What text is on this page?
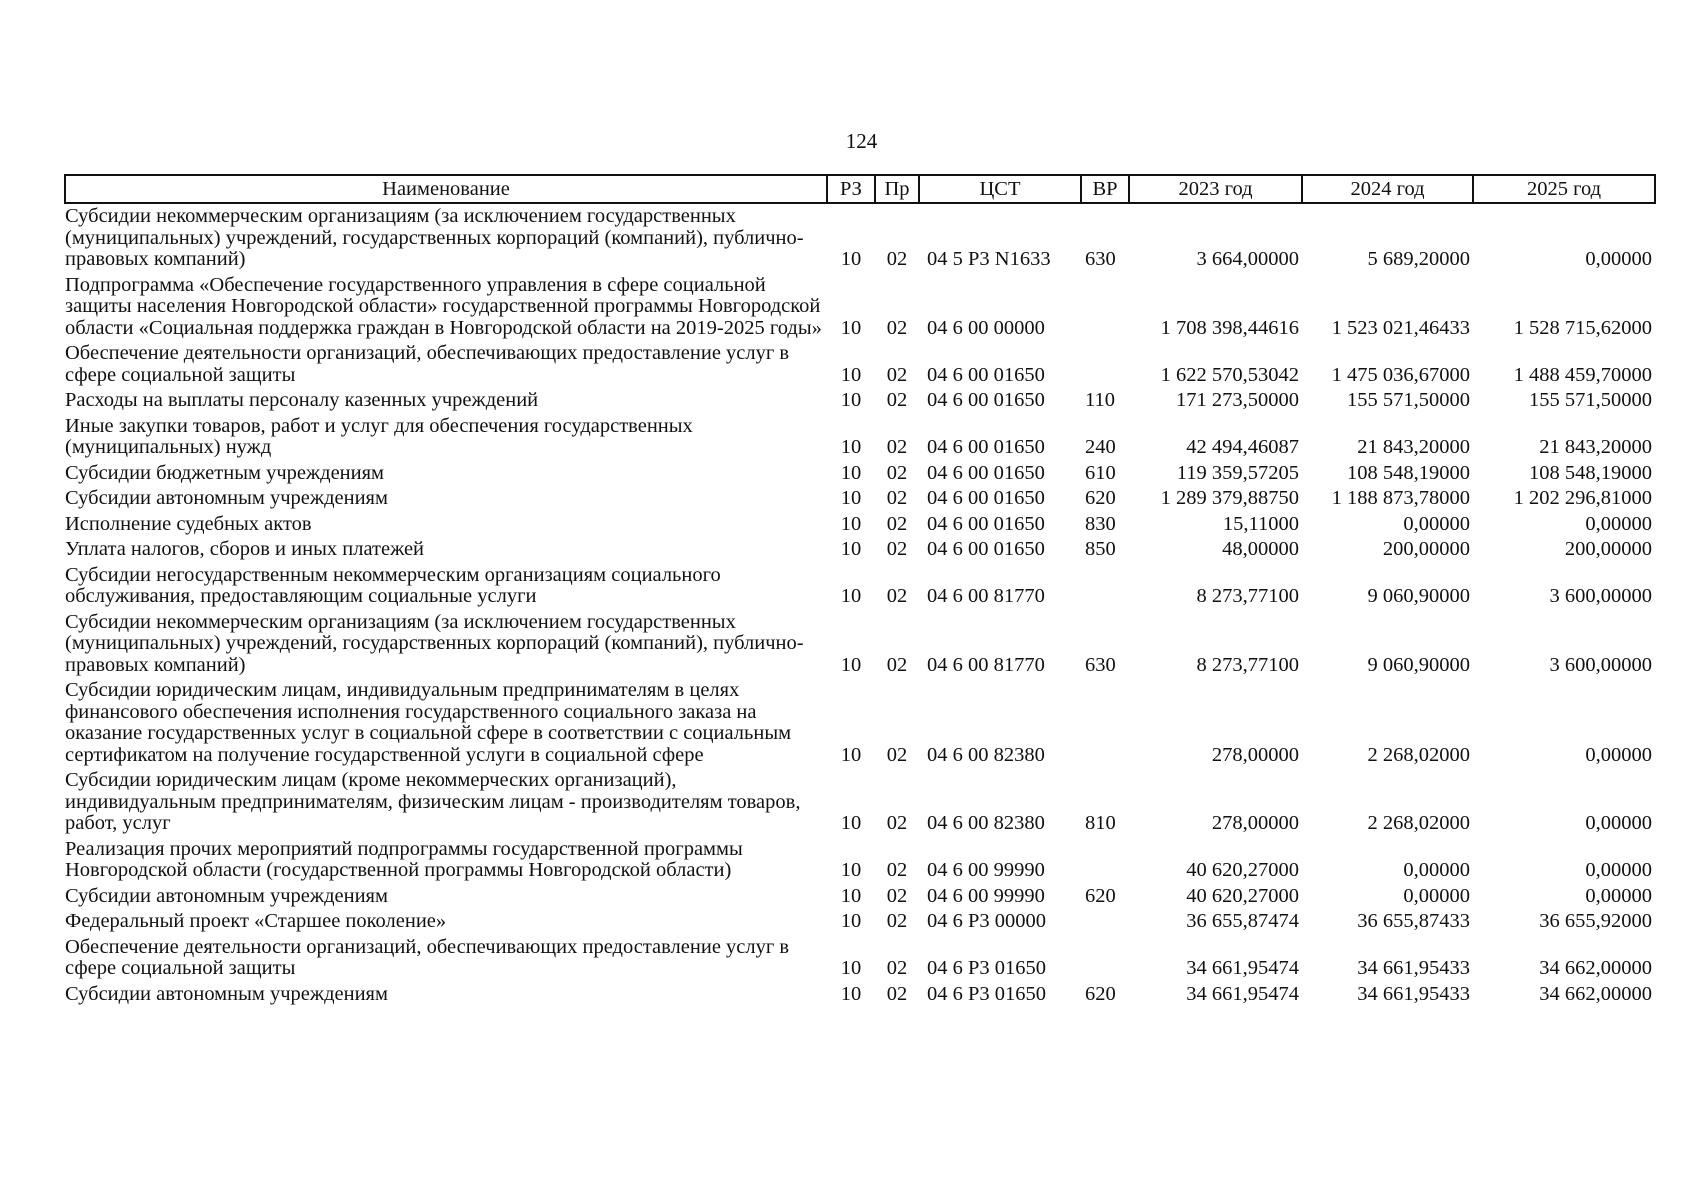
124
Наименование	РЗ	Пр	ЦСТ	ВР	2023 год	2024 год	2025 год
Субсидии некоммерческим организациям (за исключением государственных (муниципальных) учреждений, государственных корпораций (компаний), публично-правовых компаний)	10	02	04 5 Р3 N1633	630	3 664,00000	5 689,20000	0,00000
Подпрограмма «Обеспечение государственного управления в сфере социальной защиты населения Новгородской области» государственной программы Новгородской области «Социальная поддержка граждан в Новгородской области на 2019-2025 годы»	10	02	04 6 00 00000		1 708 398,44616	1 523 021,46433	1 528 715,62000
Обеспечение деятельности организаций, обеспечивающих предоставление услуг в сфере социальной защиты	10	02	04 6 00 01650		1 622 570,53042	1 475 036,67000	1 488 459,70000
Расходы на выплаты персоналу казенных учреждений	10	02	04 6 00 01650	110	171 273,50000	155 571,50000	155 571,50000
Иные закупки товаров, работ и услуг для обеспечения государственных (муниципальных) нужд	10	02	04 6 00 01650	240	42 494,46087	21 843,20000	21 843,20000
Субсидии бюджетным учреждениям	10	02	04 6 00 01650	610	119 359,57205	108 548,19000	108 548,19000
Субсидии автономным учреждениям	10	02	04 6 00 01650	620	1 289 379,88750	1 188 873,78000	1 202 296,81000
Исполнение судебных актов	10	02	04 6 00 01650	830	15,11000	0,00000	0,00000
Уплата налогов, сборов и иных платежей	10	02	04 6 00 01650	850	48,00000	200,00000	200,00000
Субсидии негосударственным некоммерческим организациям социального обслуживания, предоставляющим социальные услуги	10	02	04 6 00 81770		8 273,77100	9 060,90000	3 600,00000
Субсидии некоммерческим организациям (за исключением государственных (муниципальных) учреждений, государственных корпораций (компаний), публично-правовых компаний)	10	02	04 6 00 81770	630	8 273,77100	9 060,90000	3 600,00000
Субсидии юридическим лицам, индивидуальным предпринимателям в целях финансового обеспечения исполнения государственного социального заказа на оказание государственных услуг в социальной сфере в соответствии с социальным сертификатом на получение государственной услуги в социальной сфере	10	02	04 6 00 82380		278,00000	2 268,02000	0,00000
Субсидии юридическим лицам (кроме некоммерческих организаций), индивидуальным предпринимателям, физическим лицам - производителям товаров, работ, услуг	10	02	04 6 00 82380	810	278,00000	2 268,02000	0,00000
Реализация прочих мероприятий подпрограммы государственной программы Новгородской области (государственной программы Новгородской области)	10	02	04 6 00 99990		40 620,27000	0,00000	0,00000
Субсидии автономным учреждениям	10	02	04 6 00 99990	620	40 620,27000	0,00000	0,00000
Федеральный проект «Старшее поколение»	10	02	04 6 Р3 00000		36 655,87474	36 655,87433	36 655,92000
Обеспечение деятельности организаций, обеспечивающих предоставление услуг в сфере социальной защиты	10	02	04 6 Р3 01650		34 661,95474	34 661,95433	34 662,00000
Субсидии автономным учреждениям	10	02	04 6 Р3 01650	620	34 661,95474	34 661,95433	34 662,00000
